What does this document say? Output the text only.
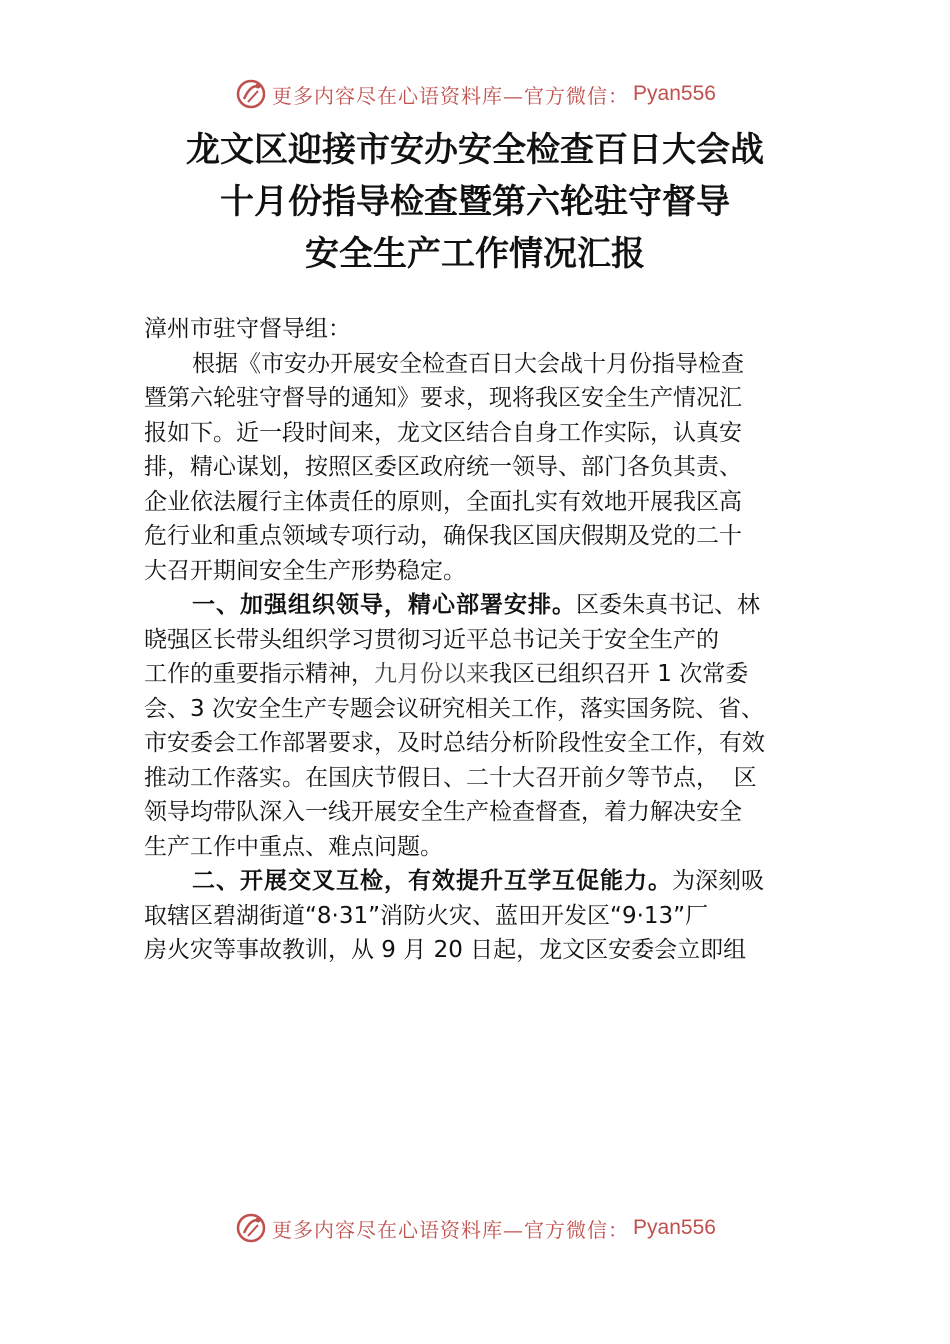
更多内容尽在心语资料库—官方微信： Pyan556
龙文区迎接市安办安全检查百日大会战
十月份指导检查暨第六轮驻守督导
安全生产工作情况汇报
漳州市驻守督导组：
根据《市安办开展安全检查百日大会战十月份指导检查
暨第六轮驻守督导的通知》要求，现将我区安全生产情况汇
报如下。近一段时间来，龙文区结合自身工作实际，认真安
排，精心谋划，按照区委区政府统一领导、部门各负其责、
企业依法履行主体责任的原则，全面扎实有效地开展我区高
危行业和重点领域专项行动，确保我区国庆假期及党的二十
大召开期间安全生产形势稳定。
一、加强组织领导，精心部署安排。区委朱真书记、林
晓强区长带头组织学习贯彻习近平总书记关于安全生产的
工作的重要指示精神，九月份以来我区已组织召开 1 次常委
会、3 次安全生产专题会议研究相关工作，落实国务院、省、
市安委会工作部署要求，及时总结分析阶段性安全工作，有效
推动工作落实。在国庆节假日、二十大召开前夕等节点，  区
领导均带队深入一线开展安全生产检查督查，着力解决安全
生产工作中重点、难点问题。
二、开展交叉互检，有效提升互学互促能力。为深刻吸
取辖区碧湖街道“8·31”消防火灾、蓝田开发区“9·13”厂
房火灾等事故教训，从 9 月 20 日起，龙文区安委会立即组
更多内容尽在心语资料库—官方微信： Pyan556
